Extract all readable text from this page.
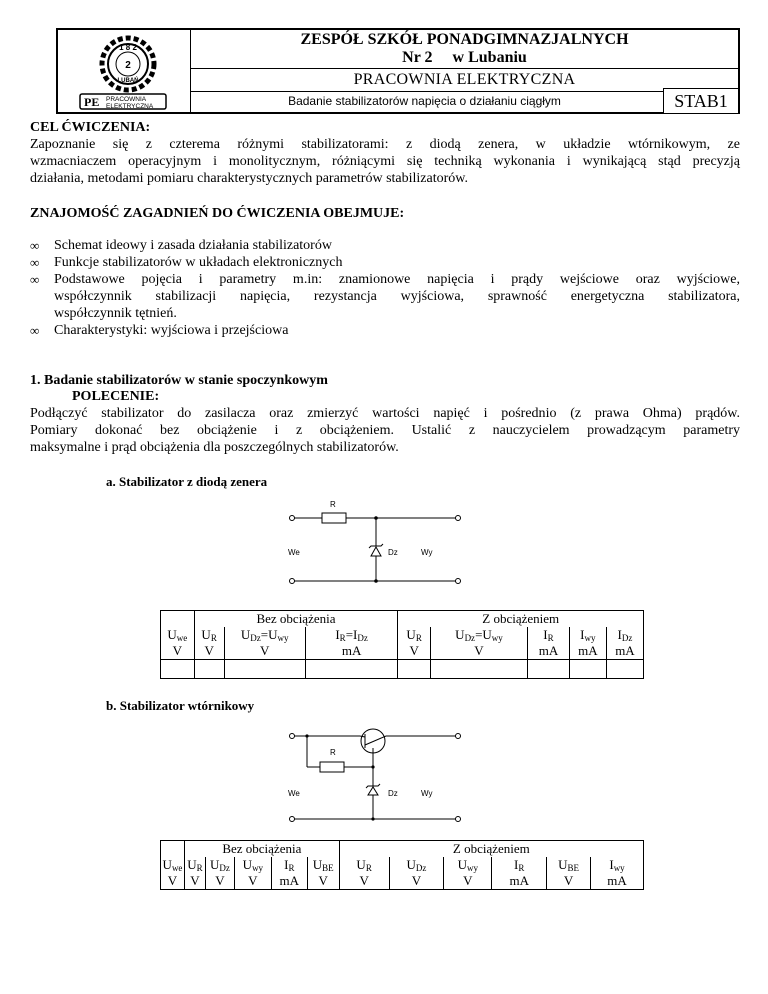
1 8 2
2
LUBAŃ
PE PRACOWNIA
ELEKTRYCZNA
ZESPÓŁ SZKÓŁ PONADGIMNAZJALNYCH
Nr 2     w Lubaniu
PRACOWNIA ELEKTRYCZNA
Badanie stabilizatorów napięcia o działaniu ciągłym	STAB1
CEL ĆWICZENIA:
Zapoznanie się z czterema różnymi stabilizatorami: z diodą zenera, w układzie wtórnikowym, ze
wzmacniaczem operacyjnym i monolitycznym, różniącymi się techniką wykonania i wynikającą stąd precyzją
działania, metodami pomiaru charakterystycznych parametrów stabilizatorów.
ZNAJOMOŚĆ ZAGADNIEŃ DO ĆWICZENIA OBEJMUJE:
∞ Schemat ideowy i zasada działania stabilizatorów
∞ Funkcje stabilizatorów w układach elektronicznych
∞ Podstawowe pojęcia i parametry m.in: znamionowe napięcia i prądy wejściowe oraz wyjściowe,
współczynnik stabilizacji napięcia, rezystancja wyjściowa, sprawność energetyczna stabilizatora,
współczynnik tętnień.
∞ Charakterystyki: wyjściowa i przejściowa
1. Badanie stabilizatorów w stanie spoczynkowym
POLECENIE:
Podłączyć stabilizator do zasilacza oraz zmierzyć wartości napięć i pośrednio (z prawa Ohma) prądów.
Pomiary dokonać bez obciążenie i z obciążeniem. Ustalić z nauczycielem prowadzącym parametry
maksymalne i prąd obciążenia dla poszczególnych stabilizatorów.
a. Stabilizator z diodą zenera
R
We	Dz	Wy
	Bez obciążenia			Z obciążeniem				
$U_{we}$	$U_R$	$U_{Dz}=U_{wy}$	$I_R=I_{Dz}$	$U_R$	$U_{Dz}=U_{wy}$	$I_R$	$I_{wy}$	$I_{Dz}$
V	V	V	mA	V	V	mA	mA	mA

b. Stabilizator wtórnikowy
R
We	Dz	Wy
	Bez obciążenia					Z obciążeniem					
$U_{we}$	$U_R$	$U_{Dz}$	$U_{wy}$	$I_R$	$U_{BE}$	$U_R$	$U_{Dz}$	$U_{wy}$	$I_R$	$U_{BE}$	$I_{wy}$
V	V	V	V	mA	V	V	V	V	mA	V	mA
